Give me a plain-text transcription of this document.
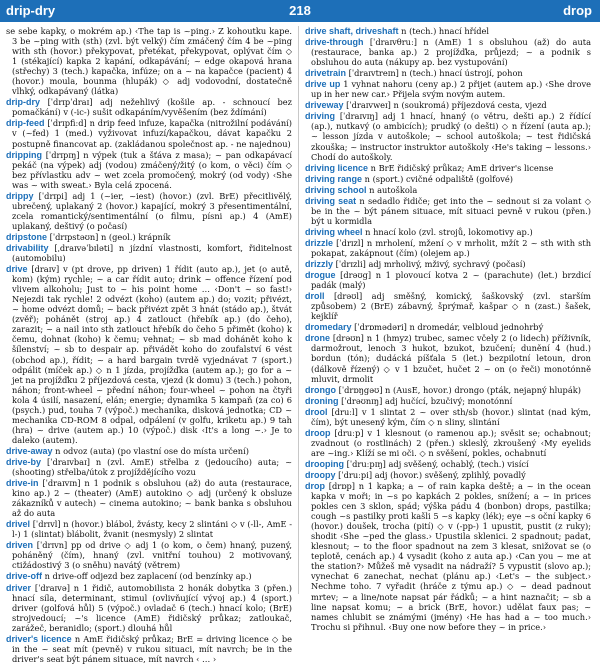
drip-dry	218	drop

se sebe kapky, o mokrém ap.) ‹The tap is ~ping.› Z kohoutku kape. 3 be ~ping with (sth) (zvl. být velký) čím zmáčený čím 4 be ~ping with sth (hovor.) překypovat, přetékat, překypovat, oplývat čím ◇ 1 (stékající) kapka 2 kapání, odkapávání; ~ edge okapová hrana (střechy) 3 (tech.) kapačka, infúze; on a ~ na kapačce (pacient) 4 (hovor.) moula, bounma (hlupák) ◇ adj vodovodní, dostatečně vlhký, odkapávaný (látka)

drip-dry [ˈdrɪpˈdraɪ] adj nežehlivý (košile ap. - schnoucí bez pomačkání) v (-ic-) sušit odkapáním/vyvěšením (bez ždímání)

drip-feed [ˈdrɪpfiːd] n drip feed infuze, kapačka (nitrožilní podávání) v (~fed) 1 (med.) vyživovat infuzí/kapačkou, dávat kapačku 2 postupně financovat ap. (zakládanou společnost ap. - ne najednou)

dripping [ˈdrɪpɪŋ] n výpek (tuk a šťáva z masa); ~ pan odkapávací pekáč (na výpek) adj (vodou) zmáčený/žitý (o kom, o věci) čím ◇ bez přívlastku adv ~ wet zcela promočený, mokrý (od vody) ‹She was ~ with sweat.› Byla celá zpocená.

drippy [ˈdrɪpi] adj 1 (~ier, ~iest) (hovor.) (zvl. BrE) přecitlivělý, ubrečený, uplakaný 2 (hovor.) kapající, mokrý 3 přesentimentální, zcela romantický/sentimentální (o filmu, písni ap.) 4 (AmE) uplakaný, deštivý (o počasí)

dripstone [ˈdrɪpstəʊn] n (geol.) krápník

drivability [ˌdraɪvəˈbɪləti] n jízdní vlastnosti, komfort, řiditelnost (automobilu)

drive [draɪv] v (pt drove, pp driven) 1 řídit (auto ap.), jet (o autě, kom) (kým) rychle; ~ a car řídit auto; drink ~ offence řízení pod vlivem alkoholu; Just to ~ his point home … ‹Don't ~ so fast!› Nejezdi tak rychle! 2 odvézt (koho) (autem ap.) do; vozit; přivézt, ~ home odvézt domů; ~ back přivézt zpět 3 hnát (stádo ap.), štvát (zvěř); pohánět (stroj ap.) 4 zatlouct (hřebík ap.) (do čeho), zarazit; ~ a nail into sth zatlouct hřebík do čeho 5 přimět (koho) k čemu, dohnat (koho) k čemu; vehnat; ~ sb mad dohánět koho k šílenství; ~ sb to despair ap. přivádět koho do zoufalství 6 vést (obchod ap.), řídit; ~ a hard bargain tvrdě vyjednávat 7 (sport.) odpálit (míček ap.) ◇ n 1 jízda, projížďka (autem ap.); go for a ~ jet na projížďku 2 příjezdová cesta, vjezd (k domu) 3 (tech.) pohon, náhon; front-wheel ~ přední náhon; four-wheel ~ pohon na čtyři kola 4 úsilí, nasazení, elán; energie; dynamika 5 kampaň (za co) 6 (psych.) pud, touha 7 (výpoč.) mechanika, disková jednotka; CD ~ mechanika CD-ROM 8 odpal, odpálení (v golfu, kriketu ap.) 9 tah (hra) ~ drive (autem ap.) 10 (výpoč.) disk ‹It's a long ~.› Je to daleko (autem).

drive-away n odvoz (auta) (po vlastní ose do místa určení)

drive-by [ˈdraɪvbaɪ] n (zvl. AmE) střelba z (jedoucího) auta; ~ (shooting) střelba/útok z projíždějícího vozu

drive-in [ˈdraɪvɪn] n 1 podnik s obsluhou (až) do auta (restaurace, kino ap.) 2 ~ (theater) (AmE) autokino ◇ adj (určený k obsluze zákazníků v autech) ~ cinema autokino; ~ bank banka s obsluhou až do auta

drivel [ˈdrɪvl] n (hovor.) blábol, žvásty, kecy 2 slintáni ◇ v (-ll-, AmE -l-) 1 (slintat) blábolit, žvanit (nesmysly) 2 slintat

driven [ˈdrɪvn] pp od drive ◇ adj 1 (o kom, o čem) hnaný, puzený, poháněný (čím), hnaný (zvl. vnitřní touhou) 2 motivovaný, ctižádostivý 3 (o sněhu) navátý (větrem)

drive-off n drive-off odjezd bez zaplacení (od benzínky ap.)

driver [ˈdraɪvə] n 1 řidič, automobilista 2 honák dobytka 3 (přen.) hnací síla, determinant, stimul (ovlivňující vývoj ap.) 4 (sport.) driver (golfová hůl) 5 (výpoč.) ovladač 6 (tech.) hnací kolo; (BrE) strojvedoucí; ~'s licence (AmE) řidičský průkaz; zatloukač, zarážeč, beranidlo; (sport.) dlouhá hůl

driver's licence n AmE řidičský průkaz; BrE = driving licence ◇ be in the ~ seat mít (pevně) v rukou situaci, mít navrch; be in the driver's seat být pánem situace, mít navrch ‹ … ›

drive shaft, driveshaft n (tech.) hnací hřídel

drive-through [ˈdraɪvθruː] n (AmE) 1 s obsluhou (až) do auta (restaurace, banka ap.) 2 projížďka, průjezd; ~ a podnik s obsluhou do auta (nákupy ap. bez vystupování)

drivetrain [ˈdraɪvtreɪn] n (tech.) hnací ústrojí, pohon

drive up 1 vyhnat nahoru (ceny ap.) 2 přijet (autem ap.) ‹She drove up in her new car.› Přijela svým novým autem.

driveway [ˈdraɪvweɪ] n (soukromá) příjezdová cesta, vjezd

driving [ˈdraɪvɪŋ] adj 1 hnací, hnaný (o větru, dešti ap.) 2 řídící (ap.), nutkavý (o ambicích); prudký (o dešti) ◇ n řízení (auta ap.); ~ lesson jízda v autoškole; ~ school autoškola; ~ test řidičská zkouška; ~ instructor instruktor autoškoly ‹He's taking ~ lessons.› Chodí do autoškoly.

driving licence n BrE řidičský průkaz; AmE driver's license

driving range n (sport.) cvičné odpaliště (golfové)

driving school n autoškola

driving seat n sedadlo řidiče; get into the ~ sednout si za volant ◇ be in the ~ být pánem situace, mít situaci pevně v rukou (přen.) být u kormidla

driving wheel n hnací kolo (zvl. strojů, lokomotivy ap.)

drizzle [ˈdrɪzl] n mrholení, mžení ◇ v mrholit, mžít 2 ~ sth with sth pokapat, zakápnout (čím) (olejem ap.)

drizzly [ˈdrɪzli] adj mrholivý, mživý, sychravý (počasí)

drogue [drəʊg] n 1 plovoucí kotva 2 ~ (parachute) (let.) brzdicí padák (malý)

droll [drəʊl] adj směšný, komický, šaškovský (zvl. starším způsobem) 2 (BrE) zábavný, šprýmař, kašpar ◇ n (zast.) šašek, kejklíř

dromedary [ˈdrɒmədəri] n dromedár, velbloud jednohrbý

drone [drəʊn] n 1 (hmyz) trubec, samec včely 2 (o lidech) příživník, darmožrout, lenoch 3 hukot, bzukot, bzučení; dunění 4 (hud.) bordun (tón); dudácká píšťala 5 (let.) bezpilotní letoun, dron (dálkově řízený) ◇ v 1 bzučet, hučet 2 ~ on (o řeči) monotónně mluvit, drmolit

drongo [ˈdrɒŋgəʊ] n (AusE, hovor.) drongo (pták, nejapný hlupák)

droning [ˈdrəʊnɪŋ] adj hučící, bzučivý; monotónní

drool [druːl] v 1 slintat 2 ~ over sth/sb (hovor.) slintat (nad kým, čím), být unesený kým, čím ◇ n sliny, slintání

droop [druːp] v 1 klesnout (o ramenou ap.); svěsit se; ochabnout; zvadnout (o rostlinách) 2 (přen.) skleslý, zkroušený ‹My eyelids are ~ing.› Klíží se mi oči. ◇ n svěšení, pokles, ochabnutí

drooping [ˈdruːpɪŋ] adj svěšený, ochablý, (tech.) visící

droopy [ˈdruːpi] adj (hovor.) svěšený, zplihlý, povadlý

drop [drɒp] n 1 kapka; a ~ of rain kapka deště; a ~ in the ocean kapka v moři; in ~s po kapkách 2 pokles, snížení; a ~ in prices pokles cen 3 sklon, spád; výška pádu 4 (bonbon) drops, pastilka; cough ~s pastilky proti kašli 5 ~s kapky (lék); eye ~s oční kapky 6 (hovor.) doušek, trocha (pití) ◇ v (-pp-) 1 upustit, pustit (z ruky); shodit ‹She ~ped the glass.› Upustila sklenici. 2 spadnout; padat, klesnout; ~ to the floor spadnout na zem 3 klesat, snižovat se (o teplotě, cenách ap.) 4 vysadit (koho z auta ap.) ‹Can you ~ me at the station?› Můžeš mě vysadit na nádraží? 5 vypustit (slovo ap.); vynechat 6 zanechat, nechat (plánu ap.) ‹Let's ~ the subject.› Nechme toho. 7 vyřadit (hráče z týmu ap.) ◇ ~ dead padnout mrtev; ~ a line/note napsat pár řádků; ~ a hint naznačit; ~ sb a line napsat komu; ~ a brick (BrE, hovor.) udělat faux pas; ~ names chlubit se známými (jmény) ‹He has had a ~ too much.› Trochu si přihnul. ‹Buy one now before they ~ in price.›
